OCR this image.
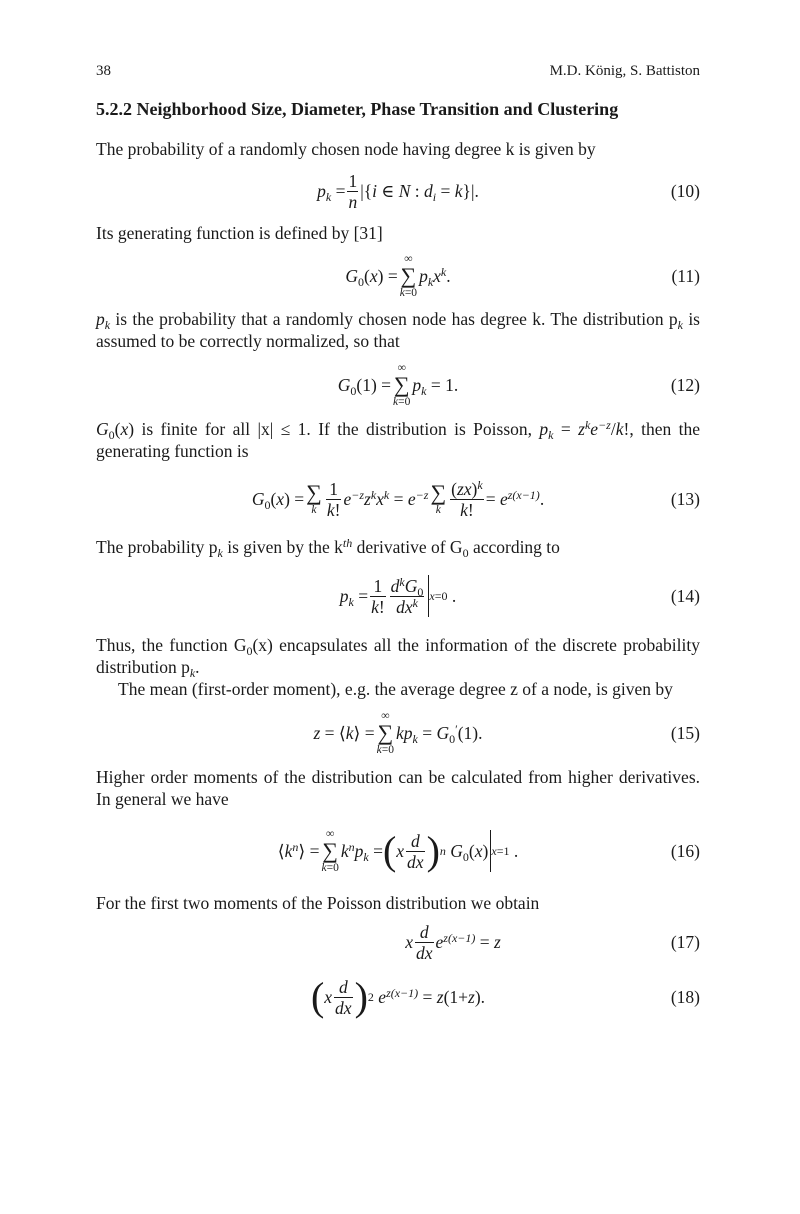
38	M.D. König, S. Battiston
5.2.2 Neighborhood Size, Diameter, Phase Transition and Clustering

The probability of a randomly chosen node having degree k is given by

$p_k = \frac{1}{n} |\{i$ ∈ N : $d_i = k\}|$.	(10)

Its generating function is defined by [31]

$G_0(x)$ =
∞
∑
k=0
$p_kx^k$.	(11)

$p_k$ is the probability that a randomly chosen node has degree k. The distribution $p_k$ is assumed to be correctly normalized, so that

$G_0(1)$ =
∞
∑
k=0
$p_k = 1$.	(12)

$G_0(x)$ is finite for all |x| ≤ 1. If the distribution is Poisson, $p_k = z^ke^{-z}/k$!, then the generating function is

$G_0(x)$ = ∑
k $\frac{1}{k!} e^{-z}z^kx^k = e^{-z}$ ∑
k $\frac{(zx)^k}{k!} = e^{z(x-1)}$.	(13)

The probability $p_k$ is given by the $k^{th}$ derivative of $G_0$ according to

$p_k = \frac{1}{k!} \frac{d^kG_0}{dx^k} x=0$ .	(14)

Thus, the function $G_0(x)$ encapsulates all the information of the discrete probability distribution $p_k$.

The mean (first-order moment), e.g. the average degree z of a node, is given by

z = ⟨k⟩ =
∞
∑
k=0
$kp_k = G_0'(1)$.	(15)

Higher order moments of the distribution can be calculated from higher derivatives. In general we have

$⟨k^n⟩$ =
∞
∑
k=0
$k^np_k$ = ( x $\frac{d}{dx}$ ) n $G_0(x)$ x=1 .	(16)

For the first two moments of the Poisson distribution we obtain

x $\frac{d}{dx} e^{z(x-1)} = z$	(17)
( x $\frac{d}{dx}$ ) 2 $e^{z(x-1)} = z(1+z)$.	(18)
